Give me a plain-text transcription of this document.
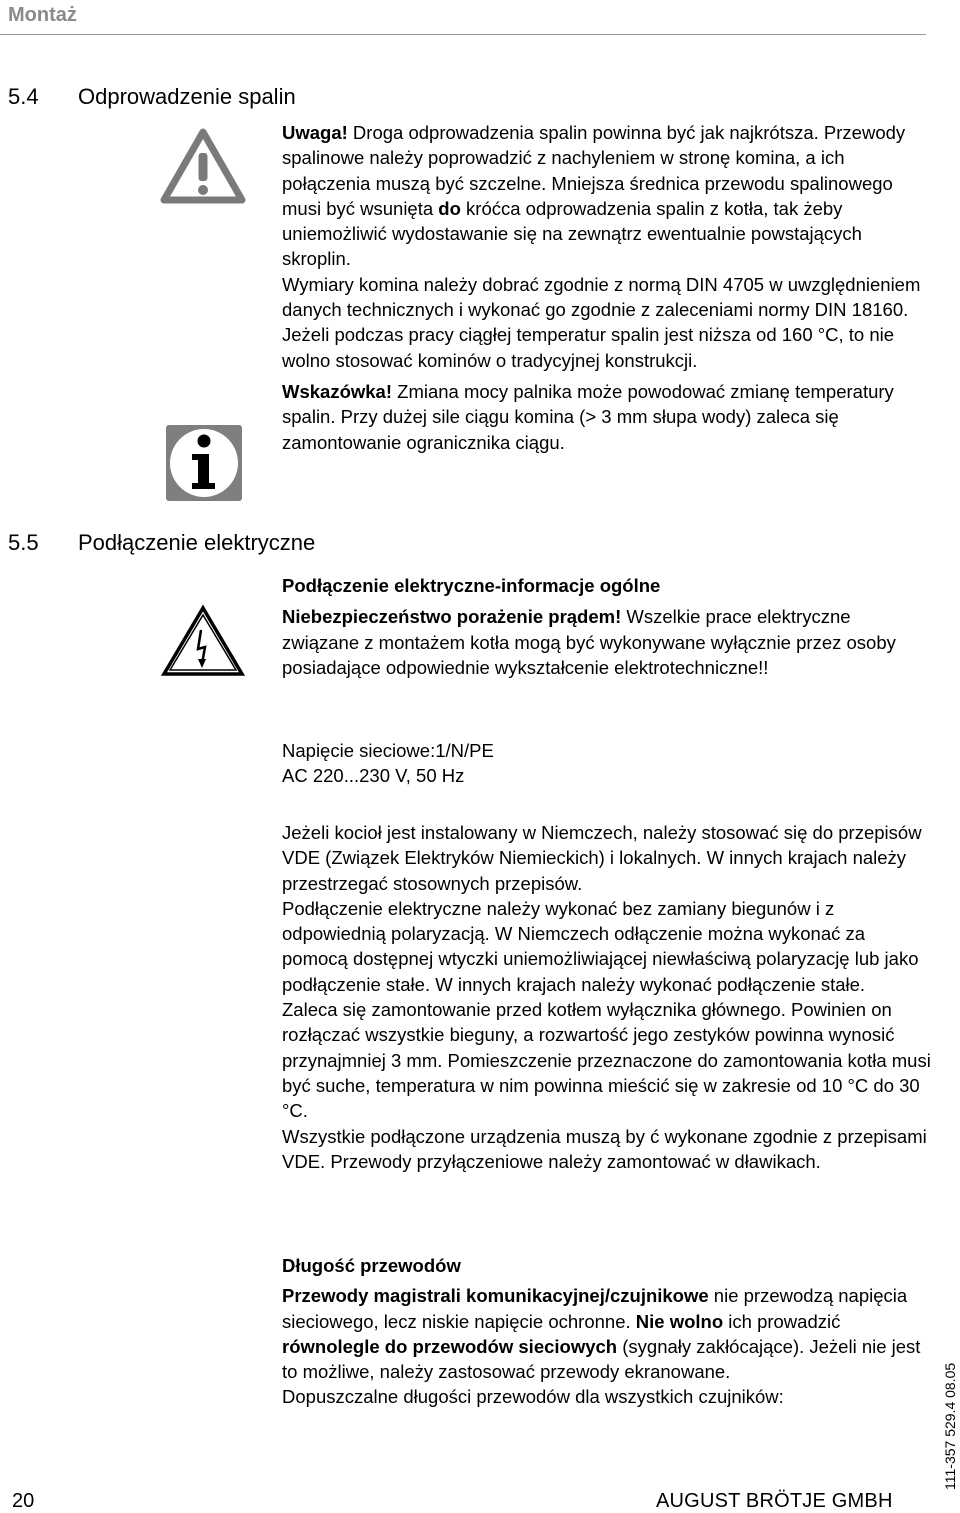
Montaż
5.4 Odprowadzenie spalin

Uwaga! Droga odprowadzenia spalin powinna być jak najkrótsza. Przewody spalinowe należy poprowadzić z nachyleniem w stronę komina, a ich połączenia muszą być szczelne. Mniejsza średnica przewodu spalinowego musi być wsunięta do króćca odprowadzenia spalin z kotła, tak żeby uniemożliwić wydostawanie się na zewnątrz ewentualnie powstających skroplin.

Wymiary komina należy dobrać zgodnie z normą DIN 4705 w uwzględnieniem danych technicznych i wykonać go zgodnie z zaleceniami normy DIN 18160.

Jeżeli podczas pracy ciągłej temperatur spalin jest niższa od 160 °C, to nie wolno stosować kominów o tradycyjnej konstrukcji.

Wskazówka! Zmiana mocy palnika może powodować zmianę temperatury spalin. Przy dużej sile ciągu komina (> 3 mm słupa wody) zaleca się zamontowanie ogranicznika ciągu.

5.5 Podłączenie elektryczne

Podłączenie elektryczne-informacje ogólne

Niebezpieczeństwo porażenie prądem! Wszelkie prace elektryczne związane z montażem kotła mogą być wykonywane wyłącznie przez osoby posiadające odpowiednie wykształcenie elektrotechniczne!!

Napięcie sieciowe:1/N/PE

AC 220...230 V, 50 Hz

Jeżeli kocioł jest instalowany w Niemczech, należy stosować się do przepisów VDE (Związek Elektryków Niemieckich) i lokalnych. W innych krajach należy przestrzegać stosownych przepisów.

Podłączenie elektryczne należy wykonać bez zamiany biegunów i z odpowiednią polaryzacją. W Niemczech odłączenie można wykonać za pomocą dostępnej wtyczki uniemożliwiającej niewłaściwą polaryzację lub jako podłączenie stałe. W innych krajach należy wykonać podłączenie stałe.

Zaleca się zamontowanie przed kotłem wyłącznika głównego. Powinien on rozłączać wszystkie bieguny, a rozwartość jego zestyków powinna wynosić przynajmniej 3 mm. Pomieszczenie przeznaczone do zamontowania kotła musi być suche, temperatura w nim powinna mieścić się w zakresie od 10 °C do 30 °C.

Wszystkie podłączone urządzenia muszą by ć wykonane zgodnie z przepisami VDE. Przewody przyłączeniowe należy zamontować w dławikach.

Długość przewodów

Przewody magistrali komunikacyjnej/czujnikowe nie przewodzą napięcia sieciowego, lecz niskie napięcie ochronne. Nie wolno ich prowadzić równolegle do przewodów sieciowych (sygnały zakłócające). Jeżeli nie jest to możliwe, należy zastosować przewody ekranowane.

Dopuszczalne długości przewodów dla wszystkich czujników:	111-357 529.4 08.05
20	AUGUST BRÖTJE GMBH
